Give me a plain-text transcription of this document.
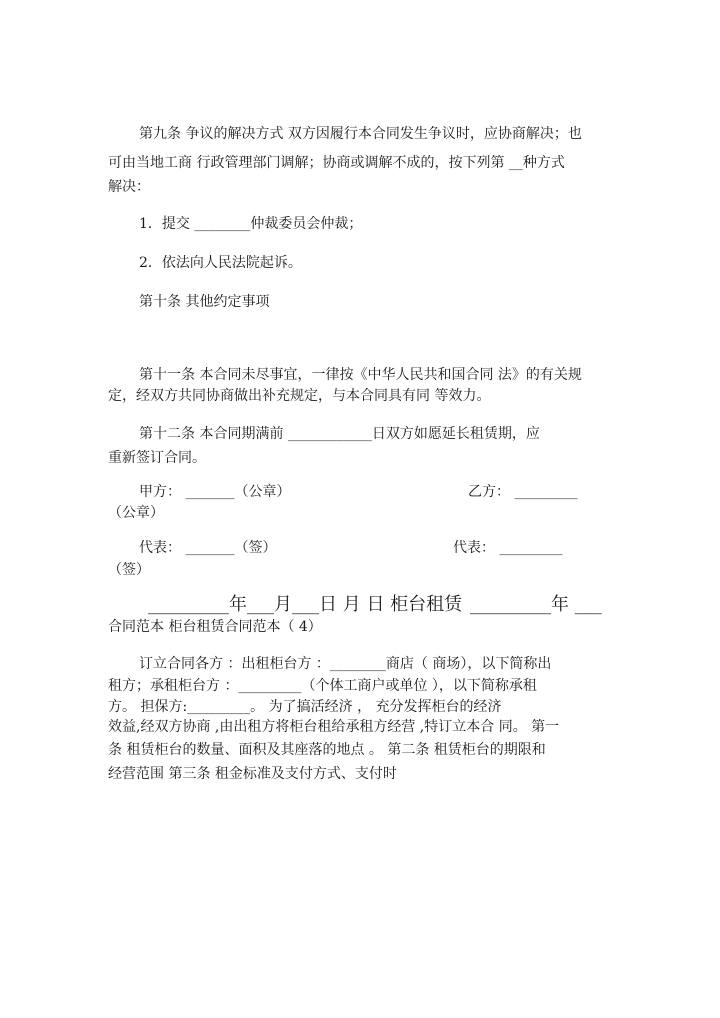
第九条 争议的解决方式 双方因履行本合同发生争议时，应协商解决；也
可由当地工商 行政管理部门调解；协商或调解不成的，按下列第 __种方式
解决：
1．提交 ________仲裁委员会仲裁；
2．依法向人民法院起诉。
第十条 其他约定事项
第十一条 本合同未尽事宜，一律按《中华人民共和国合同 法》的有关规
定，经双方共同协商做出补充规定，与本合同具有同 等效力。
第十二条 本合同期满前 ____________日双方如愿延长租赁期，应
重新签订合同。
甲方： _______（公章）	乙方： _________
（公章）
代表： _______（签）	代表： _________
（签）
_________年___月___日 月 日 柜台租赁 _________年 ___
合同范本 柜台租赁合同范本（ 4）
订立合同各方 ：出租柜台方 ：________商店（ 商场），以下简称出
租方；承租柜台方 ：_________（个体工商户或单位 ），以下简称承租
方。 担保方:_________。 为了搞活经济 ， 充分发挥柜台的经济
效益,经双方协商 ,由出租方将柜台租给承租方经营 ,特订立本合 同。 第一
条 租赁柜台的数量、面积及其座落的地点 。 第二条 租赁柜台的期限和
经营范围 第三条 租金标准及支付方式、支付时
